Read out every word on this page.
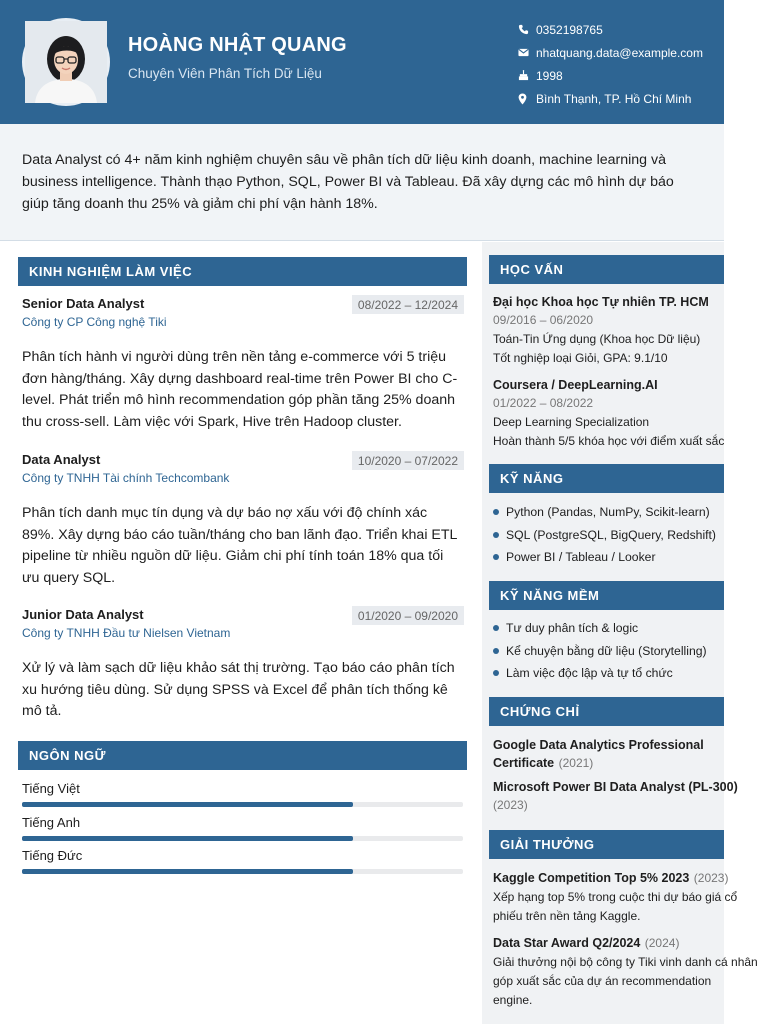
HOÀNG NHẬT QUANG
Chuyên Viên Phân Tích Dữ Liệu
0352198765
nhatquang.data@example.com
1998
Bình Thạnh, TP. Hồ Chí Minh

Data Analyst có 4+ năm kinh nghiệm chuyên sâu về phân tích dữ liệu kinh doanh, machine learning và business intelligence. Thành thạo Python, SQL, Power BI và Tableau. Đã xây dựng các mô hình dự báo giúp tăng doanh thu 25% và giảm chi phí vận hành 18%.

KINH NGHIỆM LÀM VIỆC
Senior Data Analyst	08/2022 – 12/2024
Công ty CP Công nghệ Tiki
Phân tích hành vi người dùng trên nền tảng e-commerce với 5 triệu đơn hàng/tháng. Xây dựng dashboard real-time trên Power BI cho C-level. Phát triển mô hình recommendation góp phần tăng 25% doanh thu cross-sell. Làm việc với Spark, Hive trên Hadoop cluster.
Data Analyst	10/2020 – 07/2022
Công ty TNHH Tài chính Techcombank
Phân tích danh mục tín dụng và dự báo nợ xấu với độ chính xác 89%. Xây dựng báo cáo tuần/tháng cho ban lãnh đạo. Triển khai ETL pipeline từ nhiều nguồn dữ liệu. Giảm chi phí tính toán 18% qua tối ưu query SQL.
Junior Data Analyst	01/2020 – 09/2020
Công ty TNHH Đầu tư Nielsen Vietnam
Xử lý và làm sạch dữ liệu khảo sát thị trường. Tạo báo cáo phân tích xu hướng tiêu dùng. Sử dụng SPSS và Excel để phân tích thống kê mô tả.
NGÔN NGỮ
Tiếng Việt
Tiếng Anh
Tiếng Đức
HỌC VẤN
Đại học Khoa học Tự nhiên TP. HCM
09/2016 – 06/2020
Toán-Tin Ứng dụng (Khoa học Dữ liệu)
Tốt nghiệp loại Giỏi, GPA: 9.1/10
Coursera / DeepLearning.AI
01/2022 – 08/2022
Deep Learning Specialization
Hoàn thành 5/5 khóa học với điểm xuất sắc
KỸ NĂNG
Python (Pandas, NumPy, Scikit-learn)
SQL (PostgreSQL, BigQuery, Redshift)
Power BI / Tableau / Looker
KỸ NĂNG MỀM
Tư duy phân tích & logic
Kể chuyện bằng dữ liệu (Storytelling)
Làm việc độc lập và tự tổ chức
CHỨNG CHỈ
Google Data Analytics Professional
Certificate (2021)
Microsoft Power BI Data Analyst (PL-300)
(2023)
GIẢI THƯỞNG
Kaggle Competition Top 5% 2023 (2023)
Xếp hạng top 5% trong cuộc thi dự báo giá cổ
phiếu trên nền tảng Kaggle.
Data Star Award Q2/2024 (2024)
Giải thưởng nội bộ công ty Tiki vinh danh cá nhân
góp xuất sắc của dự án recommendation
engine.
